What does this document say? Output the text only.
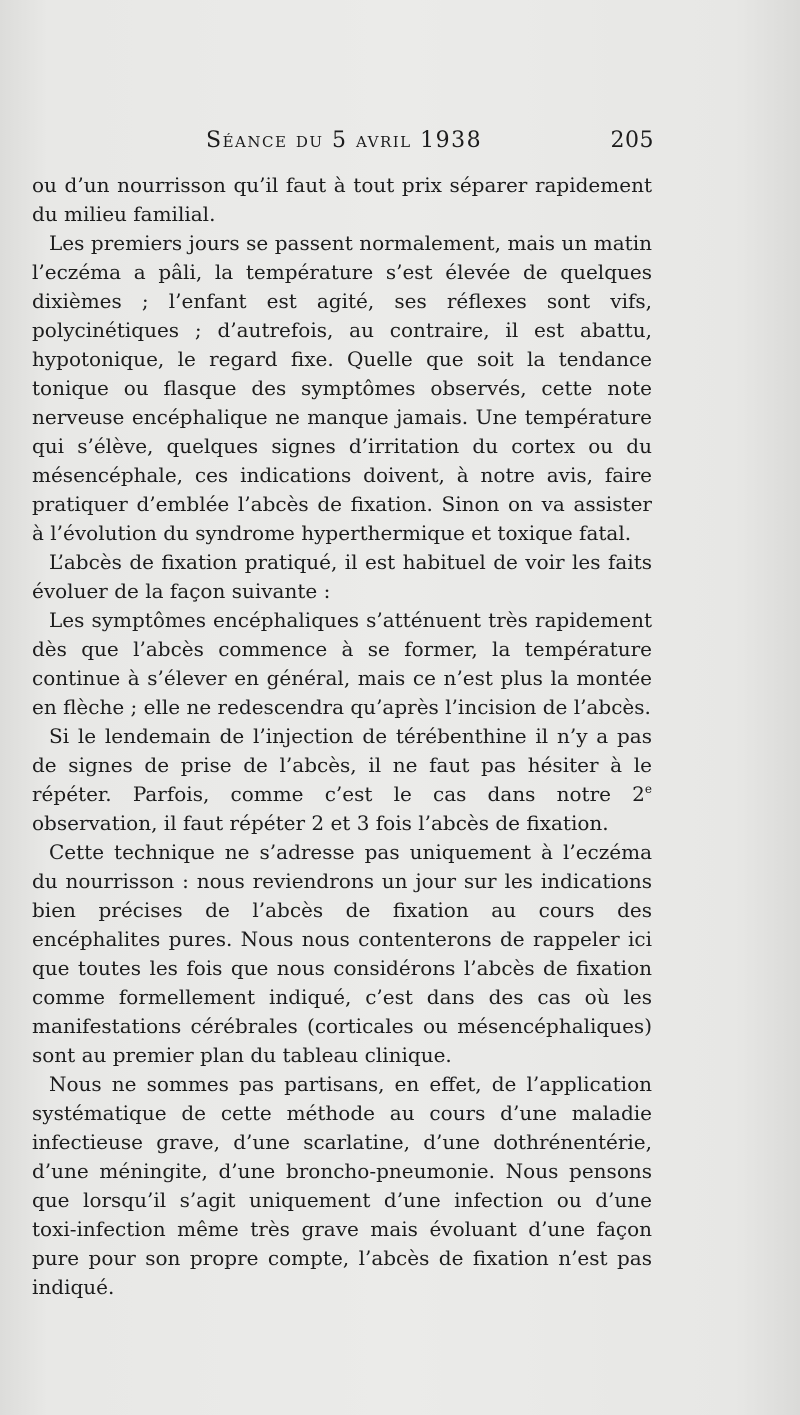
Séance du 5 avril 1938	205

ou d’un nourrisson qu’il faut à tout prix séparer rapidement du milieu familial.

Les premiers jours se passent normalement, mais un matin l’eczéma a pâli, la température s’est élevée de quelques dixièmes ; l’enfant est agité, ses réflexes sont vifs, polycinétiques ; d’autrefois, au contraire, il est abattu, hypotonique, le regard fixe. Quelle que soit la tendance tonique ou flasque des symptômes observés, cette note nerveuse encéphalique ne manque jamais. Une température qui s’élève, quelques signes d’irritation du cortex ou du mésencéphale, ces indications doivent, à notre avis, faire pratiquer d’emblée l’abcès de fixation. Sinon on va assister à l’évolution du syndrome hyperthermique et toxique fatal.

L’abcès de fixation pratiqué, il est habituel de voir les faits évoluer de la façon suivante :

Les symptômes encéphaliques s’atténuent très rapidement dès que l’abcès commence à se former, la température continue à s’élever en général, mais ce n’est plus la montée en flèche ; elle ne redescendra qu’après l’incision de l’abcès.

Si le lendemain de l’injection de térébenthine il n’y a pas de signes de prise de l’abcès, il ne faut pas hésiter à le répéter. Parfois, comme c’est le cas dans notre 2e observation, il faut répéter 2 et 3 fois l’abcès de fixation.

Cette technique ne s’adresse pas uniquement à l’eczéma du nourrisson : nous reviendrons un jour sur les indications bien précises de l’abcès de fixation au cours des encéphalites pures. Nous nous contenterons de rappeler ici que toutes les fois que nous considérons l’abcès de fixation comme formellement indiqué, c’est dans des cas où les manifestations cérébrales (corticales ou mésencéphaliques) sont au premier plan du tableau clinique.

Nous ne sommes pas partisans, en effet, de l’application systématique de cette méthode au cours d’une maladie infectieuse grave, d’une scarlatine, d’une dothrénentérie, d’une méningite, d’une broncho-pneumonie. Nous pensons que lorsqu’il s’agit uniquement d’une infection ou d’une toxi-infection même très grave mais évoluant d’une façon pure pour son propre compte, l’abcès de fixation n’est pas indiqué.
